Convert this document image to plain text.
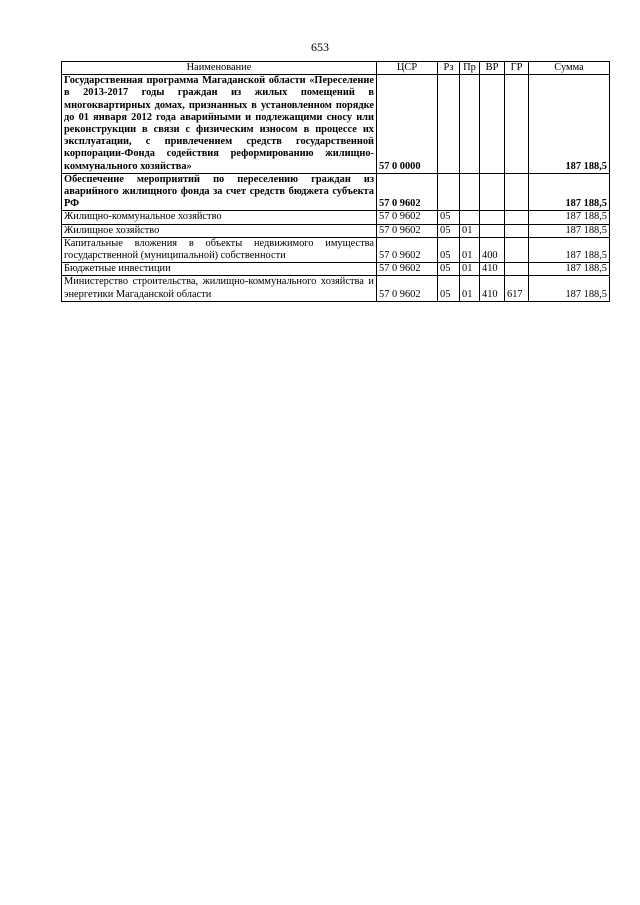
653
Наименование	ЦСР	Рз	Пр	ВР	ГР	Сумма
Государственная программа Магаданской области «Переселение в 2013-2017 годы граждан из жилых помещений в многоквартирных домах, признанных в установленном порядке до 01 января 2012 года аварийными и подлежащими сносу или реконструкции в связи с физическим износом в процессе их эксплуатации, с привлечением средств государственной корпорации-Фонда содействия реформированию жилищно-коммунального хозяйства»	57 0 0000					187 188,5
Обеспечение мероприятий по переселению граждан из аварийного жилищного фонда за счет средств бюджета субъекта РФ	57 0 9602					187 188,5
Жилищно-коммунальное хозяйство	57 0 9602	05				187 188,5
Жилищное хозяйство	57 0 9602	05	01			187 188,5
Капитальные вложения в объекты недвижимого имущества государственной (муниципальной) собственности	57 0 9602	05	01	400		187 188,5
Бюджетные инвестиции	57 0 9602	05	01	410		187 188,5
Министерство строительства, жилищно-коммунального хозяйства и энергетики Магаданской области	57 0 9602	05	01	410	617	187 188,5
